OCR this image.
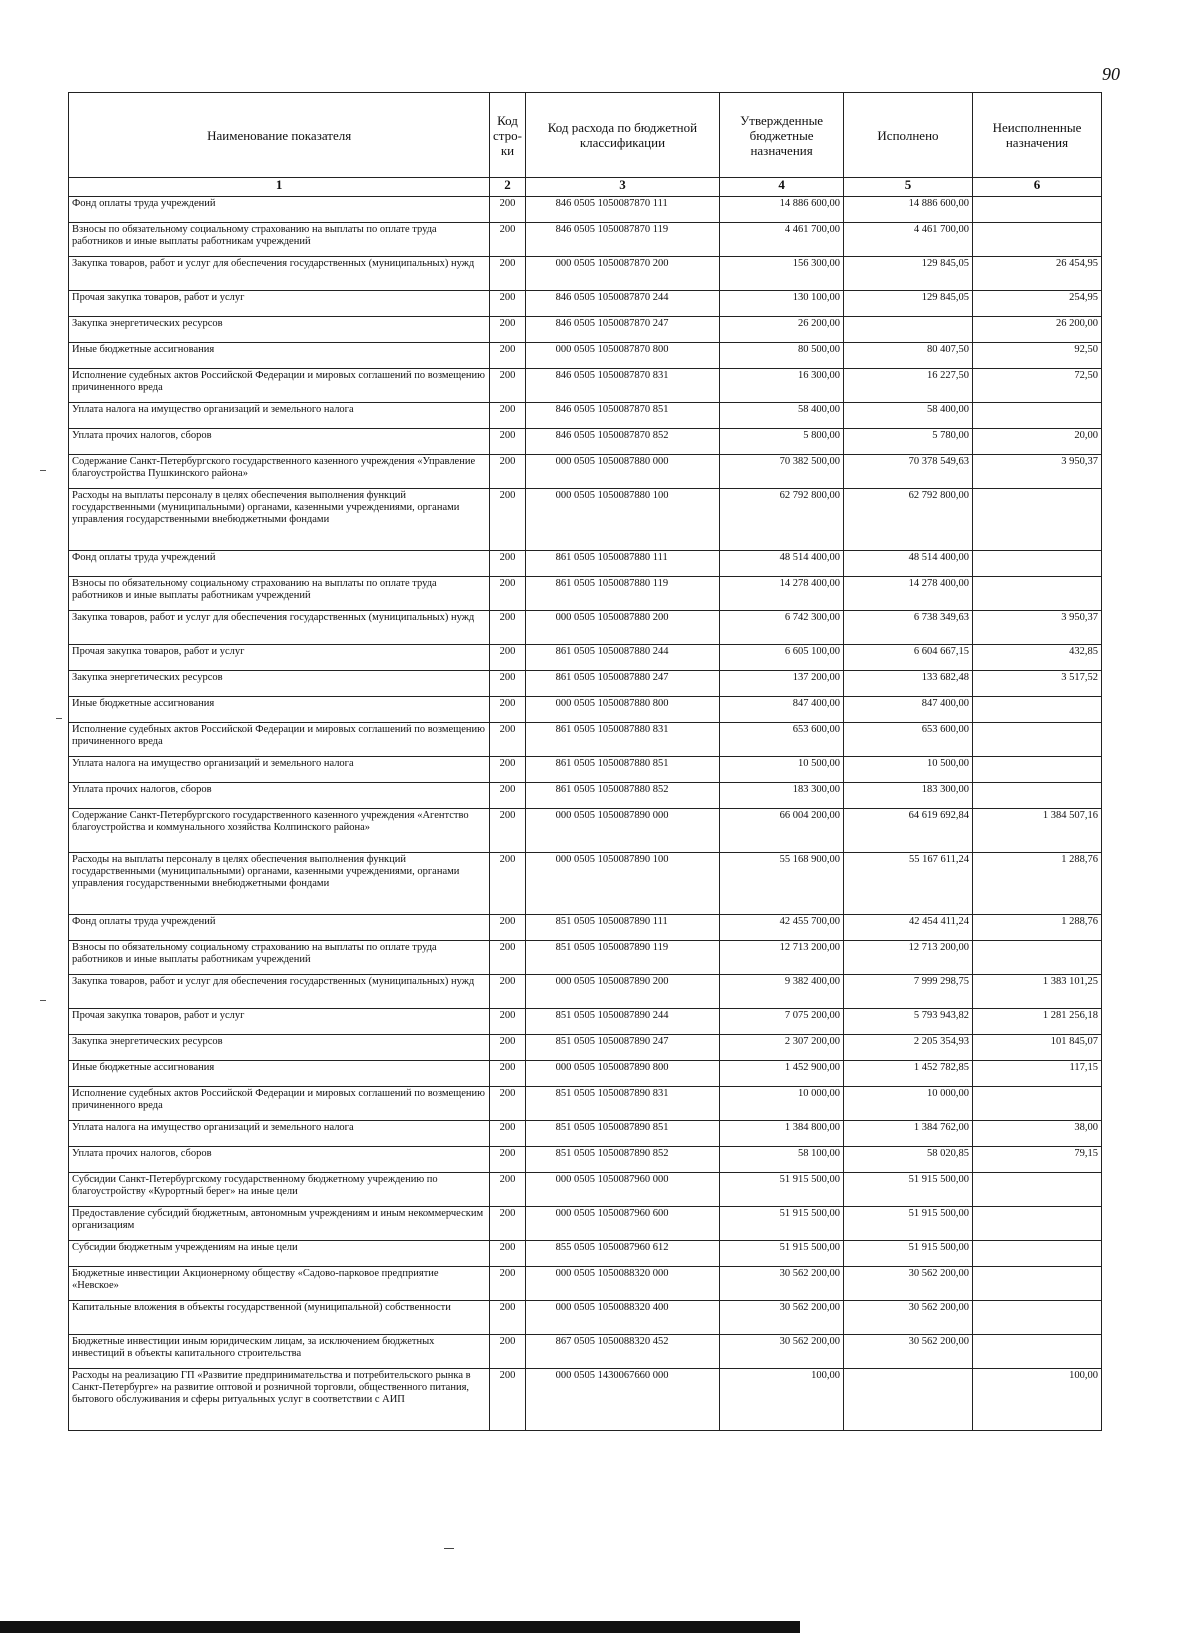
90
Наименование показателя	Код стро-ки	Код расхода по бюджетной классификации	Утвержденные бюджетные назначения	Исполнено	Неисполненные назначения
1	2	3	4	5	6
Фонд оплаты труда учреждений	200	846 0505 1050087870 111	14 886 600,00	14 886 600,00	
Взносы по обязательному социальному страхованию на выплаты по оплате труда работников и иные выплаты работникам учреждений	200	846 0505 1050087870 119	4 461 700,00	4 461 700,00	
Закупка товаров, работ и услуг для обеспечения государственных (муниципальных) нужд	200	000 0505 1050087870 200	156 300,00	129 845,05	26 454,95
Прочая закупка товаров, работ и услуг	200	846 0505 1050087870 244	130 100,00	129 845,05	254,95
Закупка энергетических ресурсов	200	846 0505 1050087870 247	26 200,00		26 200,00
Иные бюджетные ассигнования	200	000 0505 1050087870 800	80 500,00	80 407,50	92,50
Исполнение судебных актов Российской Федерации и мировых соглашений по возмещению причиненного вреда	200	846 0505 1050087870 831	16 300,00	16 227,50	72,50
Уплата налога на имущество организаций и земельного налога	200	846 0505 1050087870 851	58 400,00	58 400,00	
Уплата прочих налогов, сборов	200	846 0505 1050087870 852	5 800,00	5 780,00	20,00
Содержание Санкт-Петербургского государственного казенного учреждения «Управление благоустройства Пушкинского района»	200	000 0505 1050087880 000	70 382 500,00	70 378 549,63	3 950,37
Расходы на выплаты персоналу в целях обеспечения выполнения функций государственными (муниципальными) органами, казенными учреждениями, органами управления государственными внебюджетными фондами	200	000 0505 1050087880 100	62 792 800,00	62 792 800,00	
Фонд оплаты труда учреждений	200	861 0505 1050087880 111	48 514 400,00	48 514 400,00	
Взносы по обязательному социальному страхованию на выплаты по оплате труда работников и иные выплаты работникам учреждений	200	861 0505 1050087880 119	14 278 400,00	14 278 400,00	
Закупка товаров, работ и услуг для обеспечения государственных (муниципальных) нужд	200	000 0505 1050087880 200	6 742 300,00	6 738 349,63	3 950,37
Прочая закупка товаров, работ и услуг	200	861 0505 1050087880 244	6 605 100,00	6 604 667,15	432,85
Закупка энергетических ресурсов	200	861 0505 1050087880 247	137 200,00	133 682,48	3 517,52
Иные бюджетные ассигнования	200	000 0505 1050087880 800	847 400,00	847 400,00	
Исполнение судебных актов Российской Федерации и мировых соглашений по возмещению причиненного вреда	200	861 0505 1050087880 831	653 600,00	653 600,00	
Уплата налога на имущество организаций и земельного налога	200	861 0505 1050087880 851	10 500,00	10 500,00	
Уплата прочих налогов, сборов	200	861 0505 1050087880 852	183 300,00	183 300,00	
Содержание Санкт-Петербургского государственного казенного учреждения «Агентство благоустройства и коммунального хозяйства Колпинского района»	200	000 0505 1050087890 000	66 004 200,00	64 619 692,84	1 384 507,16
Расходы на выплаты персоналу в целях обеспечения выполнения функций государственными (муниципальными) органами, казенными учреждениями, органами управления государственными внебюджетными фондами	200	000 0505 1050087890 100	55 168 900,00	55 167 611,24	1 288,76
Фонд оплаты труда учреждений	200	851 0505 1050087890 111	42 455 700,00	42 454 411,24	1 288,76
Взносы по обязательному социальному страхованию на выплаты по оплате труда работников и иные выплаты работникам учреждений	200	851 0505 1050087890 119	12 713 200,00	12 713 200,00	
Закупка товаров, работ и услуг для обеспечения государственных (муниципальных) нужд	200	000 0505 1050087890 200	9 382 400,00	7 999 298,75	1 383 101,25
Прочая закупка товаров, работ и услуг	200	851 0505 1050087890 244	7 075 200,00	5 793 943,82	1 281 256,18
Закупка энергетических ресурсов	200	851 0505 1050087890 247	2 307 200,00	2 205 354,93	101 845,07
Иные бюджетные ассигнования	200	000 0505 1050087890 800	1 452 900,00	1 452 782,85	117,15
Исполнение судебных актов Российской Федерации и мировых соглашений по возмещению причиненного вреда	200	851 0505 1050087890 831	10 000,00	10 000,00	
Уплата налога на имущество организаций и земельного налога	200	851 0505 1050087890 851	1 384 800,00	1 384 762,00	38,00
Уплата прочих налогов, сборов	200	851 0505 1050087890 852	58 100,00	58 020,85	79,15
Субсидии Санкт-Петербургскому государственному бюджетному учреждению по благоустройству «Курортный берег» на иные цели	200	000 0505 1050087960 000	51 915 500,00	51 915 500,00	
Предоставление субсидий бюджетным, автономным учреждениям и иным некоммерческим организациям	200	000 0505 1050087960 600	51 915 500,00	51 915 500,00	
Субсидии бюджетным учреждениям на иные цели	200	855 0505 1050087960 612	51 915 500,00	51 915 500,00	
Бюджетные инвестиции Акционерному обществу «Садово-парковое предприятие «Невское»	200	000 0505 1050088320 000	30 562 200,00	30 562 200,00	
Капитальные вложения в объекты государственной (муниципальной) собственности	200	000 0505 1050088320 400	30 562 200,00	30 562 200,00	
Бюджетные инвестиции иным юридическим лицам, за исключением бюджетных инвестиций в объекты капитального строительства	200	867 0505 1050088320 452	30 562 200,00	30 562 200,00	
Расходы на реализацию ГП «Развитие предпринимательства и потребительского рынка в Санкт-Петербурге» на развитие оптовой и розничной торговли, общественного питания, бытового обслуживания и сферы ритуальных услуг в соответствии с АИП	200	000 0505 1430067660 000	100,00		100,00
